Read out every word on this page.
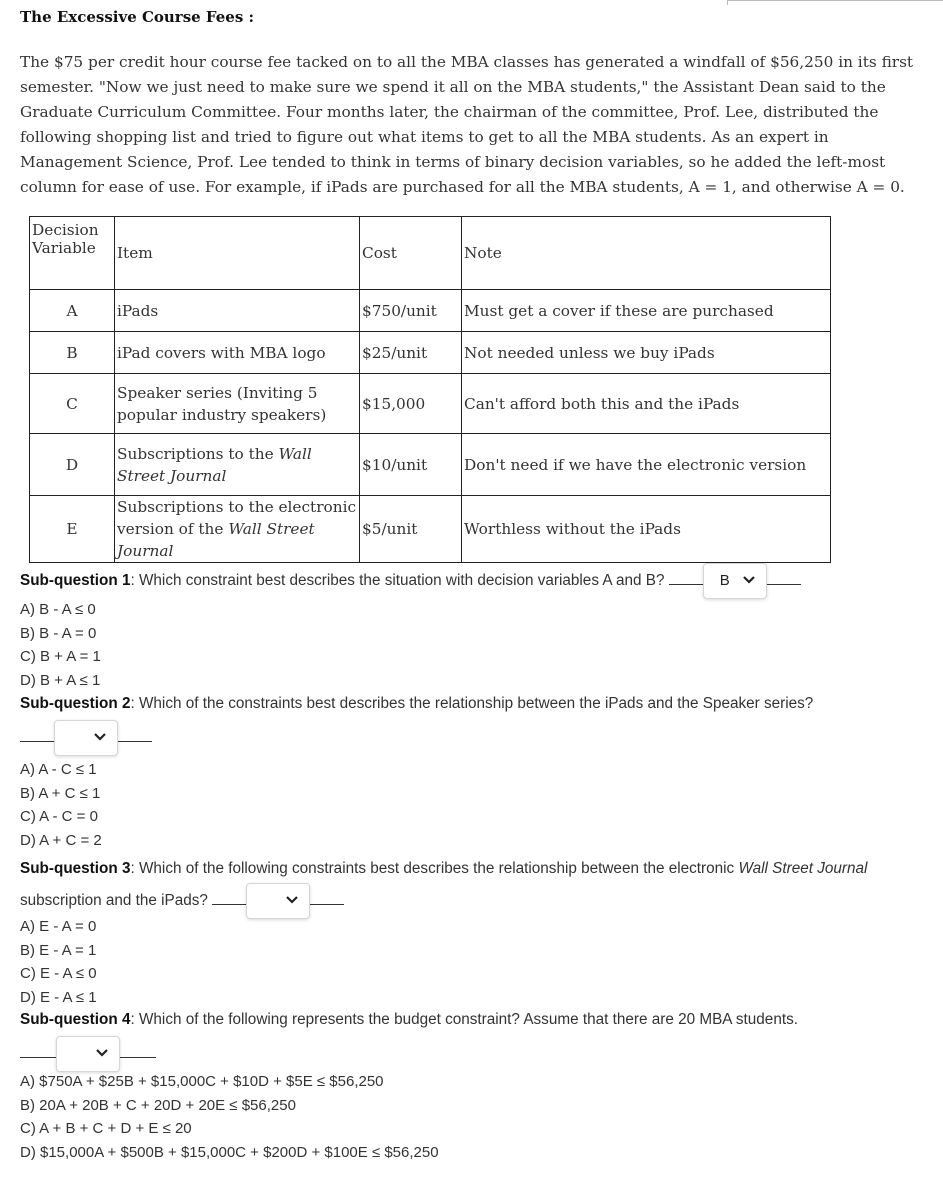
The Excessive Course Fees :
The $75 per credit hour course fee tacked on to all the MBA classes has generated a windfall of $56,250 in its first semester. "Now we just need to make sure we spend it all on the MBA students," the Assistant Dean said to the Graduate Curriculum Committee. Four months later, the chairman of the committee, Prof. Lee, distributed the following shopping list and tried to figure out what items to get to all the MBA students. As an expert in Management Science, Prof. Lee tended to think in terms of binary decision variables, so he added the left-most column for ease of use. For example, if iPads are purchased for all the MBA students, A = 1, and otherwise A = 0.
Decision
Variable	Item	Cost	Note
A	iPads	$750/unit	Must get a cover if these are purchased
B	iPad covers with MBA logo	$25/unit	Not needed unless we buy iPads
C	Speaker series (Inviting 5 popular industry speakers)	$15,000	Can't afford both this and the iPads
D	Subscriptions to the Wall Street Journal	$10/unit	Don't need if we have the electronic version
E	Subscriptions to the electronic version of the Wall Street Journal	$5/unit	Worthless without the iPads
Sub-question 1: Which constraint best describes the situation with decision variables A and B?	B
A) B - A ≤ 0
B) B - A = 0
C) B + A = 1
D) B + A ≤ 1
Sub-question 2: Which of the constraints best describes the relationship between the iPads and the Speaker series?
A) A - C ≤ 1
B) A + C ≤ 1
C) A - C = 0
D) A + C = 2
Sub-question 3: Which of the following constraints best describes the relationship between the electronic Wall Street Journal subscription and the iPads?
A) E - A = 0
B) E - A = 1
C) E - A ≤ 0
D) E - A ≤ 1
Sub-question 4: Which of the following represents the budget constraint? Assume that there are 20 MBA students.
A) $750A + $25B + $15,000C + $10D + $5E ≤ $56,250
B) 20A + 20B + C + 20D + 20E ≤ $56,250
C) A + B + C + D + E ≤ 20
D) $15,000A + $500B + $15,000C + $200D + $100E ≤ $56,250
